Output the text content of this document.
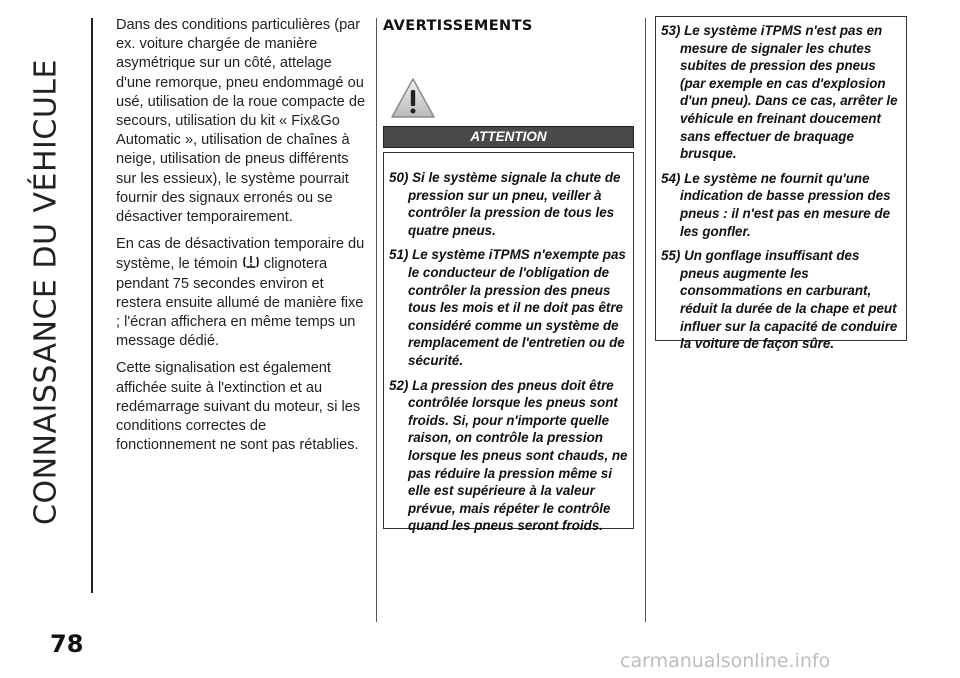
CONNAISSANCE DU VÉHICULE
78
carmanualsonline.info

Dans des conditions particulières (par ex. voiture chargée de manière asymétrique sur un côté, attelage d'une remorque, pneu endommagé ou usé, utilisation de la roue compacte de secours, utilisation du kit « Fix&Go Automatic », utilisation de chaînes à neige, utilisation de pneus différents sur les essieux), le système pourrait fournir des signaux erronés ou se désactiver temporairement.

En cas de désactivation temporaire du système, le témoin clignotera pendant 75 secondes environ et restera ensuite allumé de manière fixe ; l'écran affichera en même temps un message dédié.

Cette signalisation est également affichée suite à l'extinction et au redémarrage suivant du moteur, si les conditions correctes de fonctionnement ne sont pas rétablies.

AVERTISSEMENTS
ATTENTION

50) Si le système signale la chute de pression sur un pneu, veiller à contrôler la pression de tous les quatre pneus.

51) Le système iTPMS n'exempte pas le conducteur de l'obligation de contrôler la pression des pneus tous les mois et il ne doit pas être considéré comme un système de remplacement de l'entretien ou de sécurité.

52) La pression des pneus doit être contrôlée lorsque les pneus sont froids. Si, pour n'importe quelle raison, on contrôle la pression lorsque les pneus sont chauds, ne pas réduire la pression même si elle est supérieure à la valeur prévue, mais répéter le contrôle quand les pneus seront froids.

53) Le système iTPMS n'est pas en mesure de signaler les chutes subites de pression des pneus (par exemple en cas d'explosion d'un pneu). Dans ce cas, arrêter le véhicule en freinant doucement sans effectuer de braquage brusque.

54) Le système ne fournit qu'une indication de basse pression des pneus : il n'est pas en mesure de les gonfler.

55) Un gonflage insuffisant des pneus augmente les consommations en carburant, réduit la durée de la chape et peut influer sur la capacité de conduire la voiture de façon sûre.
